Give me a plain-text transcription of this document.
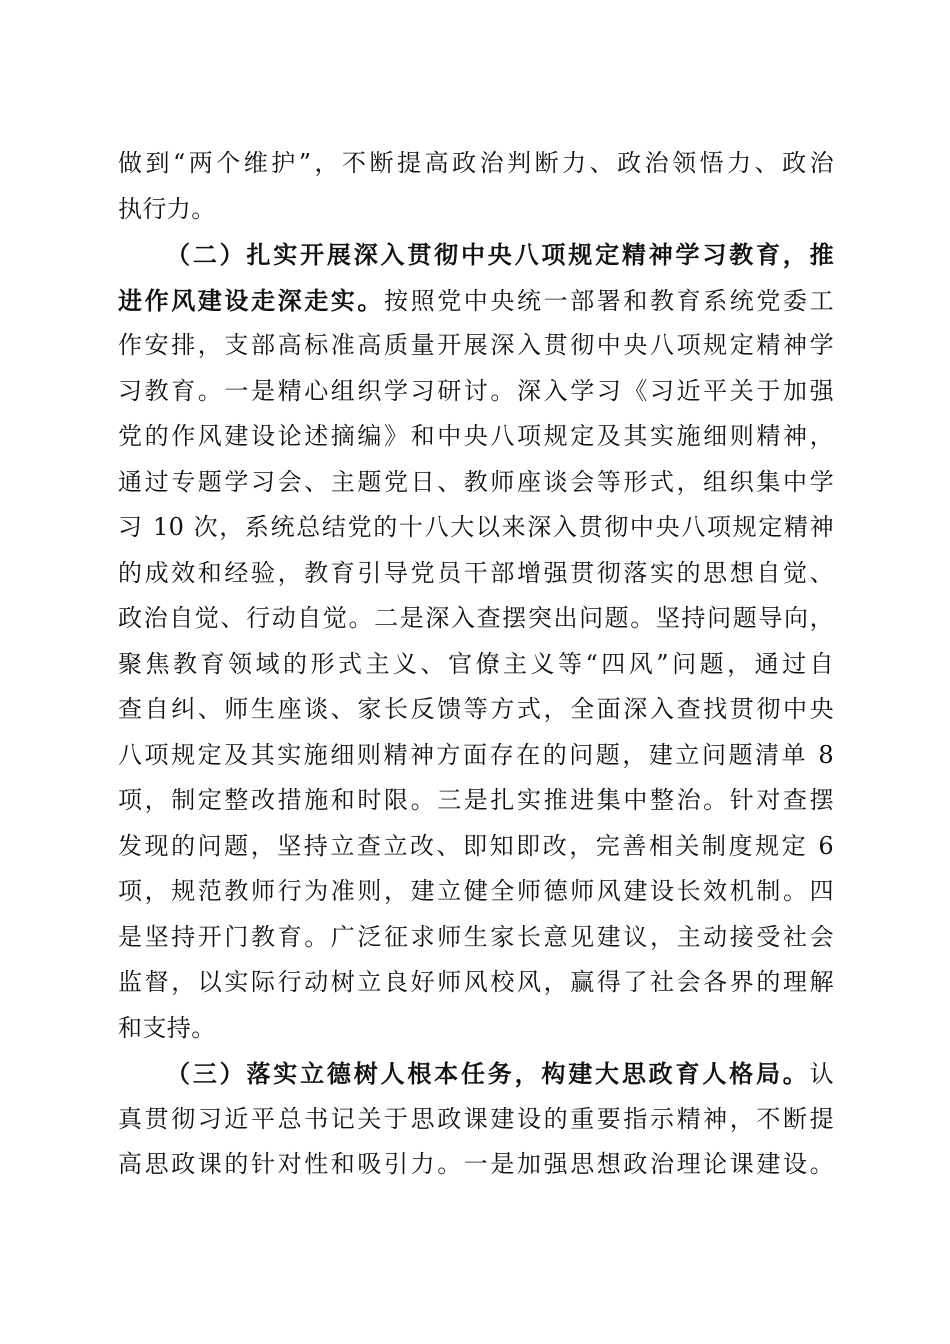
做到“两个维护”，不断提高政治判断力、政治领悟力、政治
执行力。
（二）扎实开展深入贯彻中央八项规定精神学习教育，推
进作风建设走深走实。按照党中央统一部署和教育系统党委工
作安排，支部高标准高质量开展深入贯彻中央八项规定精神学
习教育。一是精心组织学习研讨。深入学习《习近平关于加强
党的作风建设论述摘编》和中央八项规定及其实施细则精神，
通过专题学习会、主题党日、教师座谈会等形式，组织集中学
习 10 次，系统总结党的十八大以来深入贯彻中央八项规定精神
的成效和经验，教育引导党员干部增强贯彻落实的思想自觉、
政治自觉、行动自觉。二是深入查摆突出问题。坚持问题导向，
聚焦教育领域的形式主义、官僚主义等“四风”问题，通过自
查自纠、师生座谈、家长反馈等方式，全面深入查找贯彻中央
八项规定及其实施细则精神方面存在的问题，建立问题清单 8
项，制定整改措施和时限。三是扎实推进集中整治。针对查摆
发现的问题，坚持立查立改、即知即改，完善相关制度规定 6
项，规范教师行为准则，建立健全师德师风建设长效机制。四
是坚持开门教育。广泛征求师生家长意见建议，主动接受社会
监督，以实际行动树立良好师风校风，赢得了社会各界的理解
和支持。
（三）落实立德树人根本任务，构建大思政育人格局。认
真贯彻习近平总书记关于思政课建设的重要指示精神，不断提
高思政课的针对性和吸引力。一是加强思想政治理论课建设。
